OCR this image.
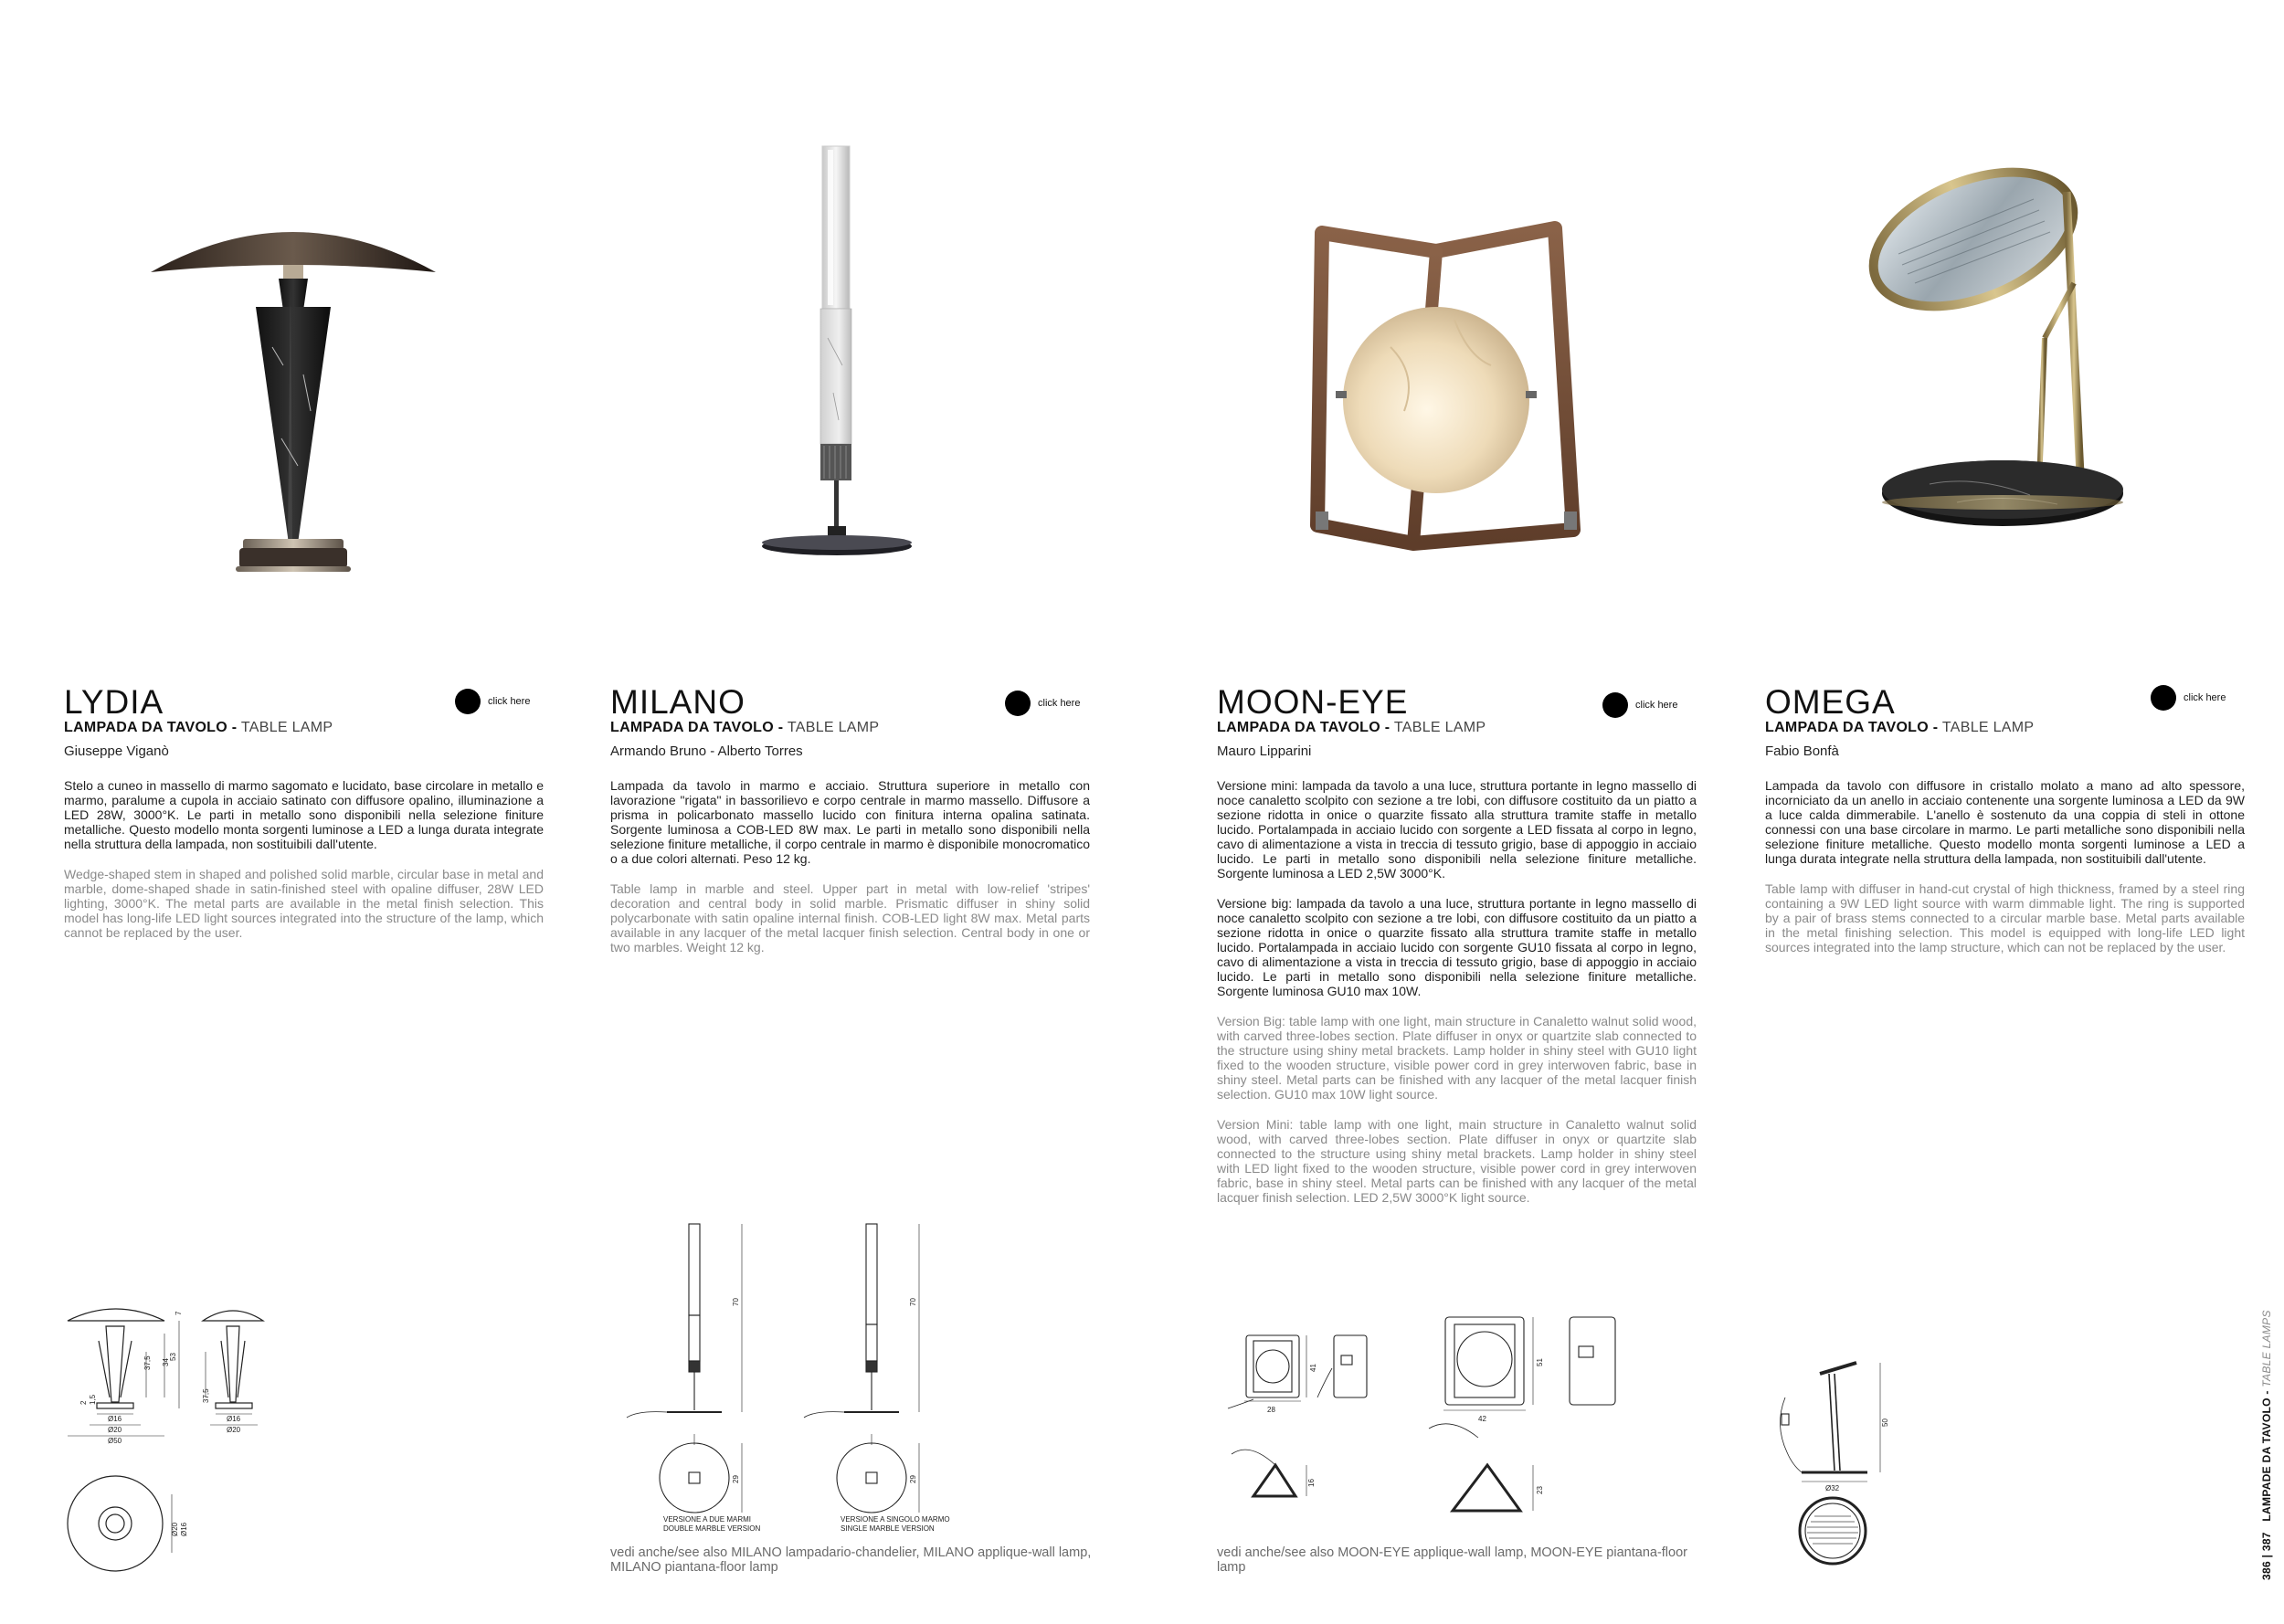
LYDIA	click here
LAMPADA DA TAVOLO - TABLE LAMP
Giuseppe Viganò

Stelo a cuneo in massello di marmo sagomato e lucidato, base circolare in metallo e marmo, paralume a cupola in acciaio satinato con diffusore opalino, illuminazione a LED 28W, 3000°K. Le parti in metallo sono disponibili nella selezione finiture metalliche. Questo modello monta sorgenti luminose a LED a lunga durata integrate nella struttura della lampada, non sostituibili dall'utente.

Wedge-shaped stem in shaped and polished solid marble, circular base in metal and marble, dome-shaped shade in satin-finished steel with opaline diffuser, 28W LED lighting, 3000°K. The metal parts are available in the metal finish selection. This model has long-life LED light sources integrated into the structure of the lamp, which cannot be replaced by the user.

7
53
34
37,5
2 1,5
Ø16
Ø20
Ø50
37,5
Ø16
Ø20
Ø20 Ø16
MILANO	click here
LAMPADA DA TAVOLO - TABLE LAMP
Armando Bruno - Alberto Torres

Lampada da tavolo in marmo e acciaio. Struttura superiore in metallo con lavorazione "rigata" in bassorilievo e corpo centrale in marmo massello. Diffusore a prisma in policarbonato massello lucido con finitura interna opalina satinata. Sorgente luminosa a COB-LED 8W max. Le parti in metallo sono disponibili nella selezione finiture metalliche, il corpo centrale in marmo è disponibile monocromatico o a due colori alternati. Peso 12 kg.

Table lamp in marble and steel. Upper part in metal with low-relief 'stripes' decoration and central body in solid marble. Prismatic diffuser in shiny solid polycarbonate with satin opaline internal finish. COB-LED light 8W max. Metal parts available in any lacquer of the metal lacquer finish selection. Central body in one or two marbles. Weight 12 kg.

70
29
70
29
VERSIONE A DUE MARMI
DOUBLE MARBLE VERSION
VERSIONE A SINGOLO MARMO
SINGLE MARBLE VERSION
vedi anche/see also MILANO lampadario-chandelier, MILANO applique-wall lamp, MILANO piantana-floor lamp
MOON-EYE	click here
LAMPADA DA TAVOLO - TABLE LAMP
Mauro Lipparini

Versione mini: lampada da tavolo a una luce, struttura portante in legno massello di noce canaletto scolpito con sezione a tre lobi, con diffusore costituito da un piatto a sezione ridotta in onice o quarzite fissato alla struttura tramite staffe in metallo lucido. Portalampada in acciaio lucido con sorgente a LED fissata al corpo in legno, cavo di alimentazione a vista in treccia di tessuto grigio, base di appoggio in acciaio lucido. Le parti in metallo sono disponibili nella selezione finiture metalliche. Sorgente luminosa a LED 2,5W 3000°K.

Versione big: lampada da tavolo a una luce, struttura portante in legno massello di noce canaletto scolpito con sezione a tre lobi, con diffusore costituito da un piatto a sezione ridotta in onice o quarzite fissato alla struttura tramite staffe in metallo lucido. Portalampada in acciaio lucido con sorgente GU10 fissata al corpo in legno, cavo di alimentazione a vista in treccia di tessuto grigio, base di appoggio in acciaio lucido. Le parti in metallo sono disponibili nella selezione finiture metalliche. Sorgente luminosa GU10 max 10W.

Version Big: table lamp with one light, main structure in Canaletto walnut solid wood, with carved three-lobes section. Plate diffuser in onyx or quartzite slab connected to the structure using shiny metal brackets. Lamp holder in shiny steel with GU10 light fixed to the wooden structure, visible power cord in grey interwoven fabric, base in shiny steel. Metal parts can be finished with any lacquer of the metal lacquer finish selection. GU10 max 10W light source.

Version Mini: table lamp with one light, main structure in Canaletto walnut solid wood, with carved three-lobes section. Plate diffuser in onyx or quartzite slab connected to the structure using shiny metal brackets. Lamp holder in shiny steel with LED light fixed to the wooden structure, visible power cord in grey interwoven fabric, base in shiny steel. Metal parts can be finished with any lacquer of the metal lacquer finish selection. LED 2,5W 3000°K light source.

28
41
16
42
51
23
vedi anche/see also MOON-EYE applique-wall lamp, MOON-EYE piantana-floor lamp
OMEGA	click here
LAMPADA DA TAVOLO - TABLE LAMP
Fabio Bonfà

Lampada da tavolo con diffusore in cristallo molato a mano ad alto spessore, incorniciato da un anello in acciaio contenente una sorgente luminosa a LED da 9W a luce calda dimmerabile. L'anello è sostenuto da una coppia di steli in ottone connessi con una base circolare in marmo. Le parti metalliche sono disponibili nella selezione finiture metalliche. Questo modello monta sorgenti luminose a LED a lunga durata integrate nella struttura della lampada, non sostituibili dall'utente.

Table lamp with diffuser in hand-cut crystal of high thickness, framed by a steel ring containing a 9W LED light source with warm dimmable light. The ring is supported by a pair of brass stems connected to a circular marble base. Metal parts available in the metal finishing selection. This model is equipped with long-life LED light sources integrated into the lamp structure, which can not be replaced by the user.

50
Ø32
386 | 387 LAMPADE DA TAVOLO - TABLE LAMPS
